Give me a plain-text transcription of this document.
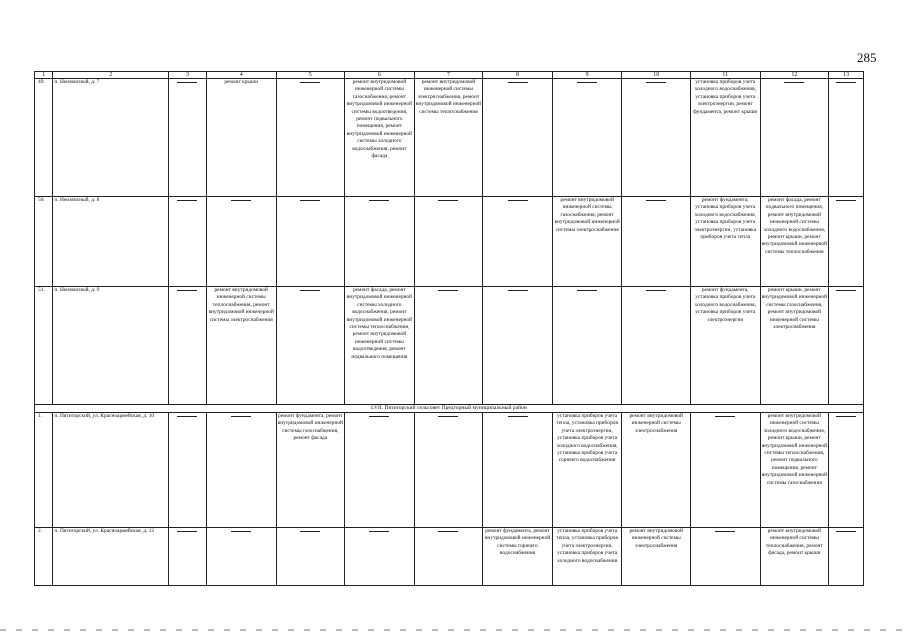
285
1	2	3	4	5	6	7	8	9	10	11	12	13
49.	п. Неизвисный, д. 7		ремонт крыши		ремонт внутридомовой инженерной системы газоснабжения, ремонт внутридомовой инженерной системы водоотведения, ремонт подвального помещения, ремонт внутридомовой инженерной системы холодного водоснабжения, ремонт фасада	ремонт внутридомовой инженерной системы электроснабжения, ремонт внутридомовой инженерной системы теплоснабжения				установка приборов учета холодного водоснабжения, установка приборов учета электроэнергии, ремонт фундамента, ремонт крыши	

50.	п. Неизвисный, д. 8							ремонт внутридомовой инженерной системы газоснабжения, ремонт внутридомовой инженерной системы электроснабжения		ремонт фундамента, установка приборов учета холодного водоснабжения, установка приборов учета электроэнергии, установка приборов учета тепла	ремонт фасада, ремонт подвального помещения, ремонт внутридомовой инженерной системы холодного водоснабжения, ремонт крыши, ремонт внутридомовой инженерной системы теплоснабжения	

51.	п. Неизвисный, д. 9		ремонт внутридомовой инженерной системы теплоснабжения, ремонт внутридомовой инженерной системы электроснабжения		ремонт фасада, ремонт внутридомовой инженерной системы холодного водоснабжения, ремонт внутридомовой инженерной системы теплоснабжения, ремонт внутридомовой инженерной системы водоотведения, ремонт подвального помещения					ремонт фундамента, установка приборов учета холодного водоснабжения, установка приборов учета электроэнергии	ремонт крыши, ремонт внутридомовой инженерной системы газоснабжения, ремонт внутридомовой инженерной системы электроснабжения	

LVII. Пятигорский сельсовет Предгорный муниципальный район												
1.	п. Пятигорский, ул. Красноармейская, д. 10			ремонт фундамента, ремонт внутридомовой инженерной системы газоснабжения, ремонт фасада				установка приборов учета тепла, установка приборов учета электроэнергии, установка приборов учета холодного водоснабжения, установка приборов учета горячего водоснабжения	ремонт внутридомовой инженерной системы электроснабжения		ремонт внутридомовой инженерной системы холодного водоснабжения, ремонт крыши, ремонт внутридомовой инженерной системы теплоснабжения, ремонт подвального помещения, ремонт внутридомовой инженерной системы газоснабжения	

2.	п. Пятигорский, ул. Красноармейская, д. 12						ремонт фундамента, ремонт внутридомовой инженерной системы горячего водоснабжения	установка приборов учета тепла, установка приборов учета электроэнергии, установка приборов учета холодного водоснабжения	ремонт внутридомовой инженерной системы электроснабжения		ремонт внутридомовой инженерной системы теплоснабжения, ремонт фасада, ремонт крыши	
